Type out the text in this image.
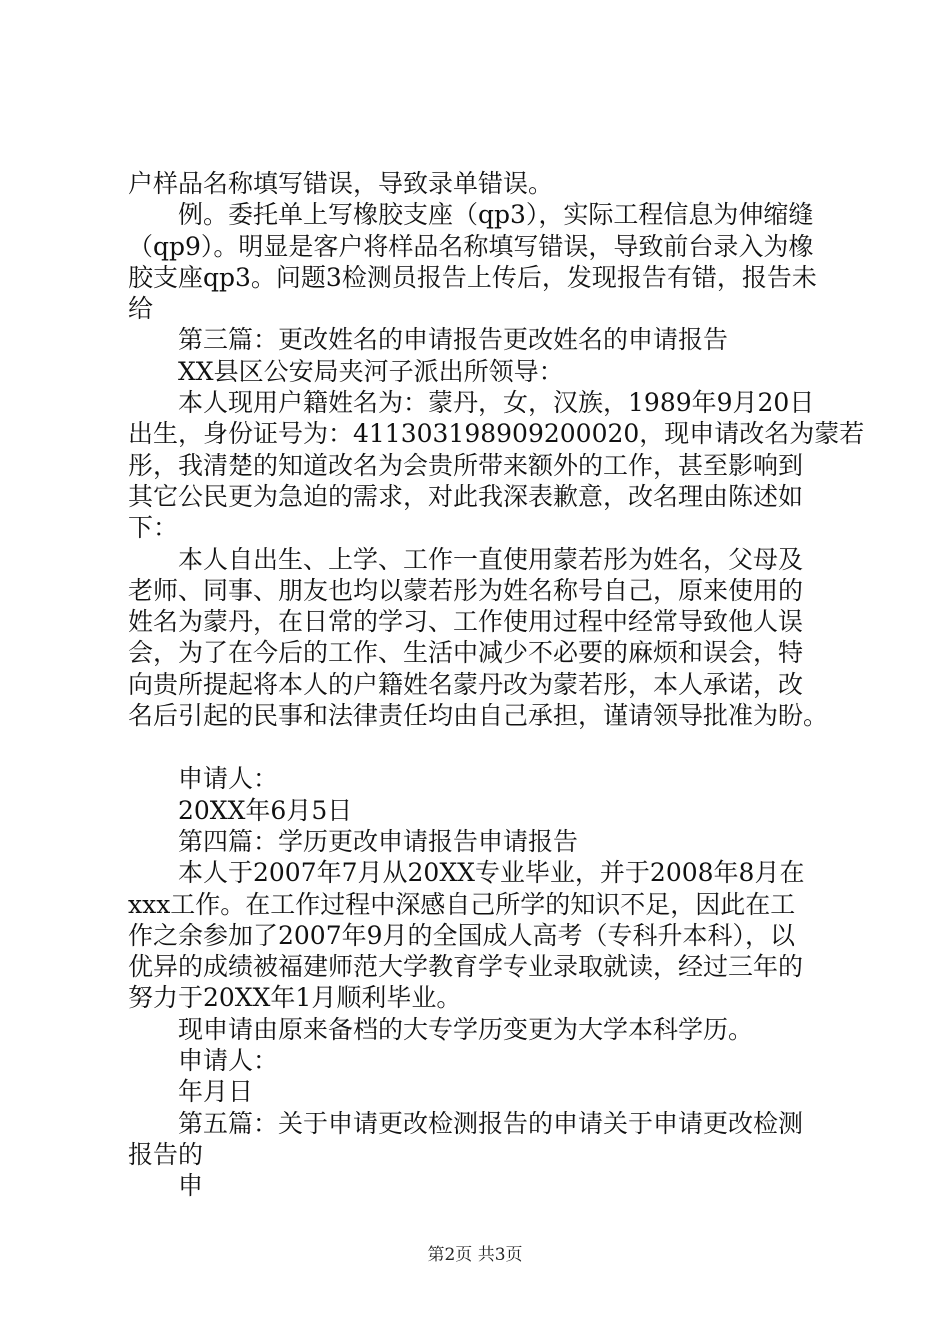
户样品名称填写错误，导致录单错误。
例。委托单上写橡胶支座（qp3），实际工程信息为伸缩缝
（qp9）。明显是客户将样品名称填写错误，导致前台录入为橡
胶支座qp3。问题3检测员报告上传后，发现报告有错，报告未
给
第三篇：更改姓名的申请报告更改姓名的申请报告
XX县区公安局夹河子派出所领导：
本人现用户籍姓名为：蒙丹，女，汉族，1989年9月20日
出生，身份证号为：411303198909200020，现申请改名为蒙若
彤，我清楚的知道改名为会贵所带来额外的工作，甚至影响到
其它公民更为急迫的需求，对此我深表歉意，改名理由陈述如
下：
本人自出生、上学、工作一直使用蒙若彤为姓名，父母及
老师、同事、朋友也均以蒙若彤为姓名称号自己，原来使用的
姓名为蒙丹，在日常的学习、工作使用过程中经常导致他人误
会，为了在今后的工作、生活中减少不必要的麻烦和误会，特
向贵所提起将本人的户籍姓名蒙丹改为蒙若彤，本人承诺，改
名后引起的民事和法律责任均由自己承担，谨请领导批准为盼。
申请人：
20XX年6月5日
第四篇：学历更改申请报告申请报告
本人于2007年7月从20XX专业毕业，并于2008年8月在
xxx工作。在工作过程中深感自己所学的知识不足，因此在工
作之余参加了2007年9月的全国成人高考（专科升本科），以
优异的成绩被福建师范大学教育学专业录取就读，经过三年的
努力于20XX年1月顺利毕业。
现申请由原来备档的大专学历变更为大学本科学历。
申请人：
年月日
第五篇：关于申请更改检测报告的申请关于申请更改检测
报告的
申
第2页 共3页
